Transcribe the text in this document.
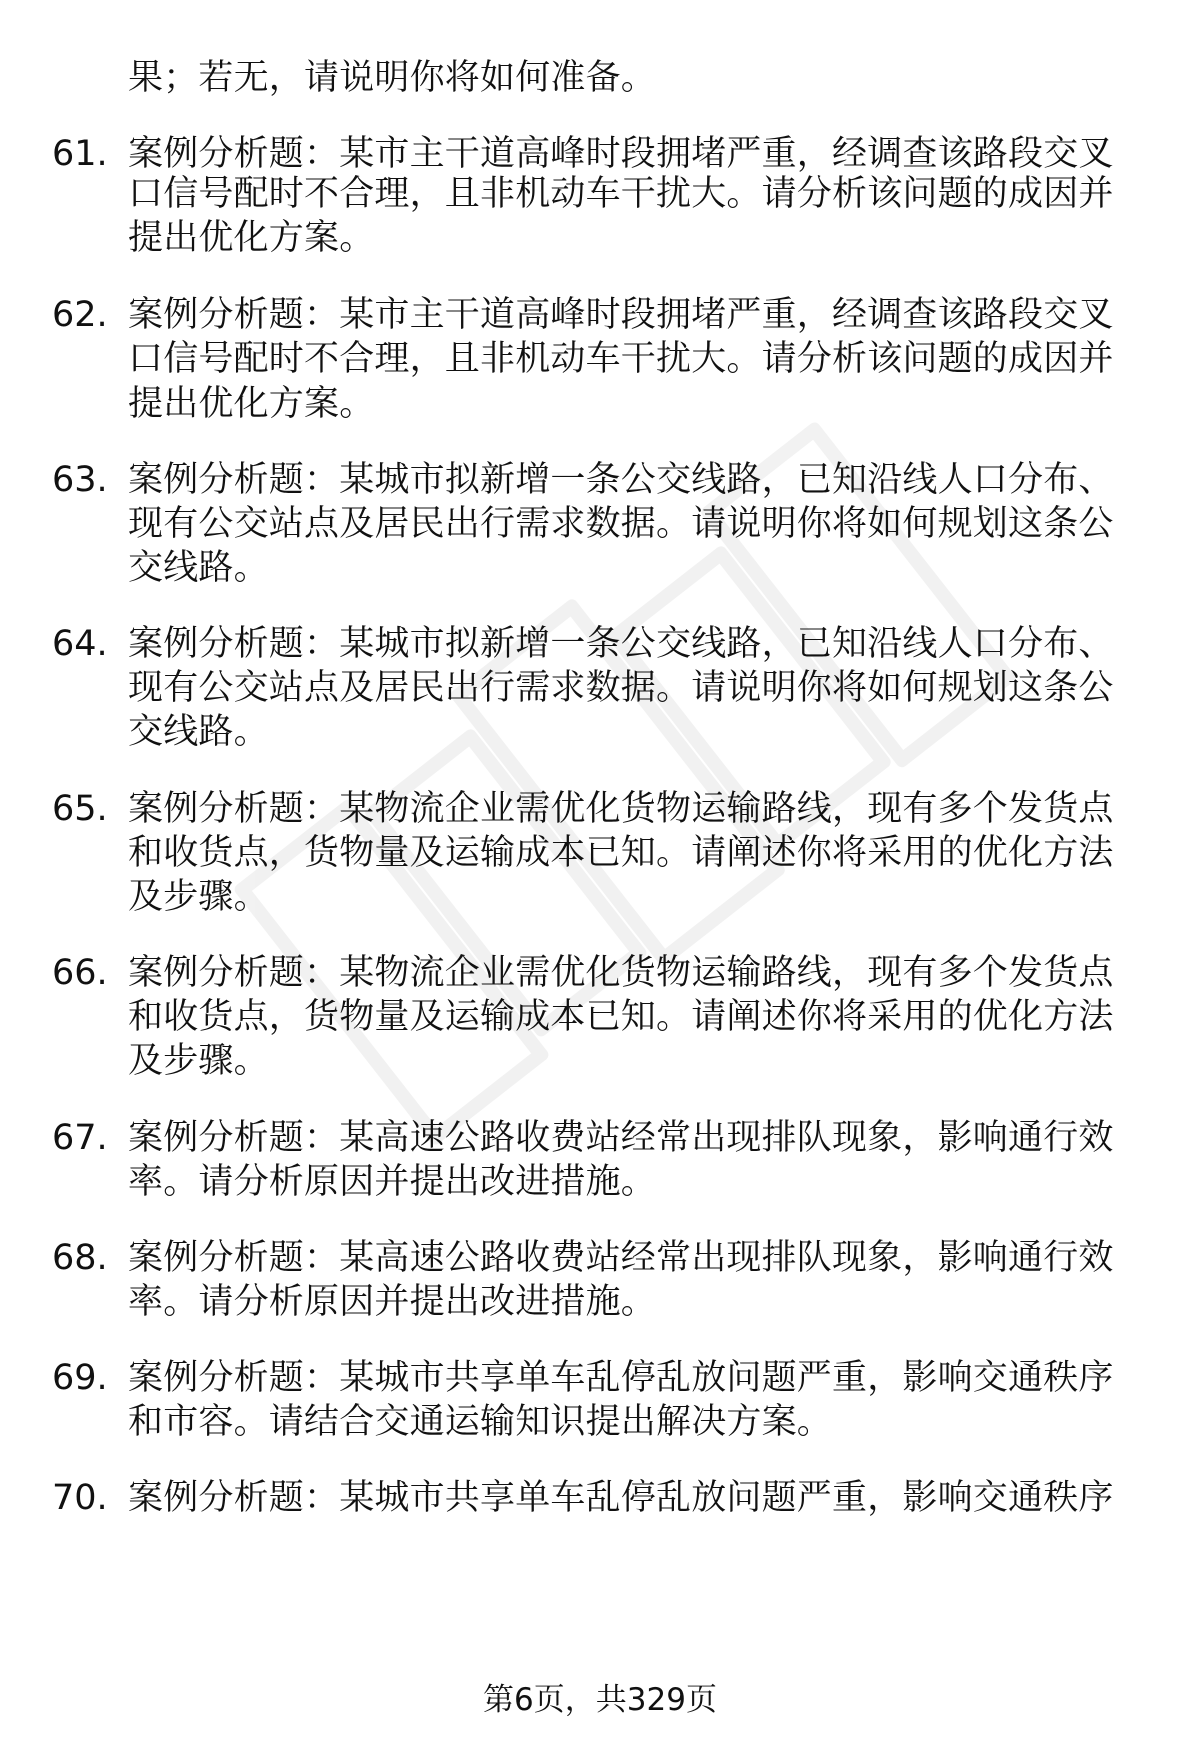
果；若无，请说明你将如何准备。
61. 案例分析题：某市主干道高峰时段拥堵严重，经调查该路段交叉
口信号配时不合理，且非机动车干扰大。请分析该问题的成因并
提出优化方案。
62. 案例分析题：某市主干道高峰时段拥堵严重，经调查该路段交叉
口信号配时不合理，且非机动车干扰大。请分析该问题的成因并
提出优化方案。
63. 案例分析题：某城市拟新增一条公交线路，已知沿线人口分布、
现有公交站点及居民出行需求数据。请说明你将如何规划这条公
交线路。
64. 案例分析题：某城市拟新增一条公交线路，已知沿线人口分布、
现有公交站点及居民出行需求数据。请说明你将如何规划这条公
交线路。
65. 案例分析题：某物流企业需优化货物运输路线，现有多个发货点
和收货点，货物量及运输成本已知。请阐述你将采用的优化方法
及步骤。
66. 案例分析题：某物流企业需优化货物运输路线，现有多个发货点
和收货点，货物量及运输成本已知。请阐述你将采用的优化方法
及步骤。
67. 案例分析题：某高速公路收费站经常出现排队现象，影响通行效
率。请分析原因并提出改进措施。
68. 案例分析题：某高速公路收费站经常出现排队现象，影响通行效
率。请分析原因并提出改进措施。
69. 案例分析题：某城市共享单车乱停乱放问题严重，影响交通秩序
和市容。请结合交通运输知识提出解决方案。
70. 案例分析题：某城市共享单车乱停乱放问题严重，影响交通秩序
第6页，共329页
